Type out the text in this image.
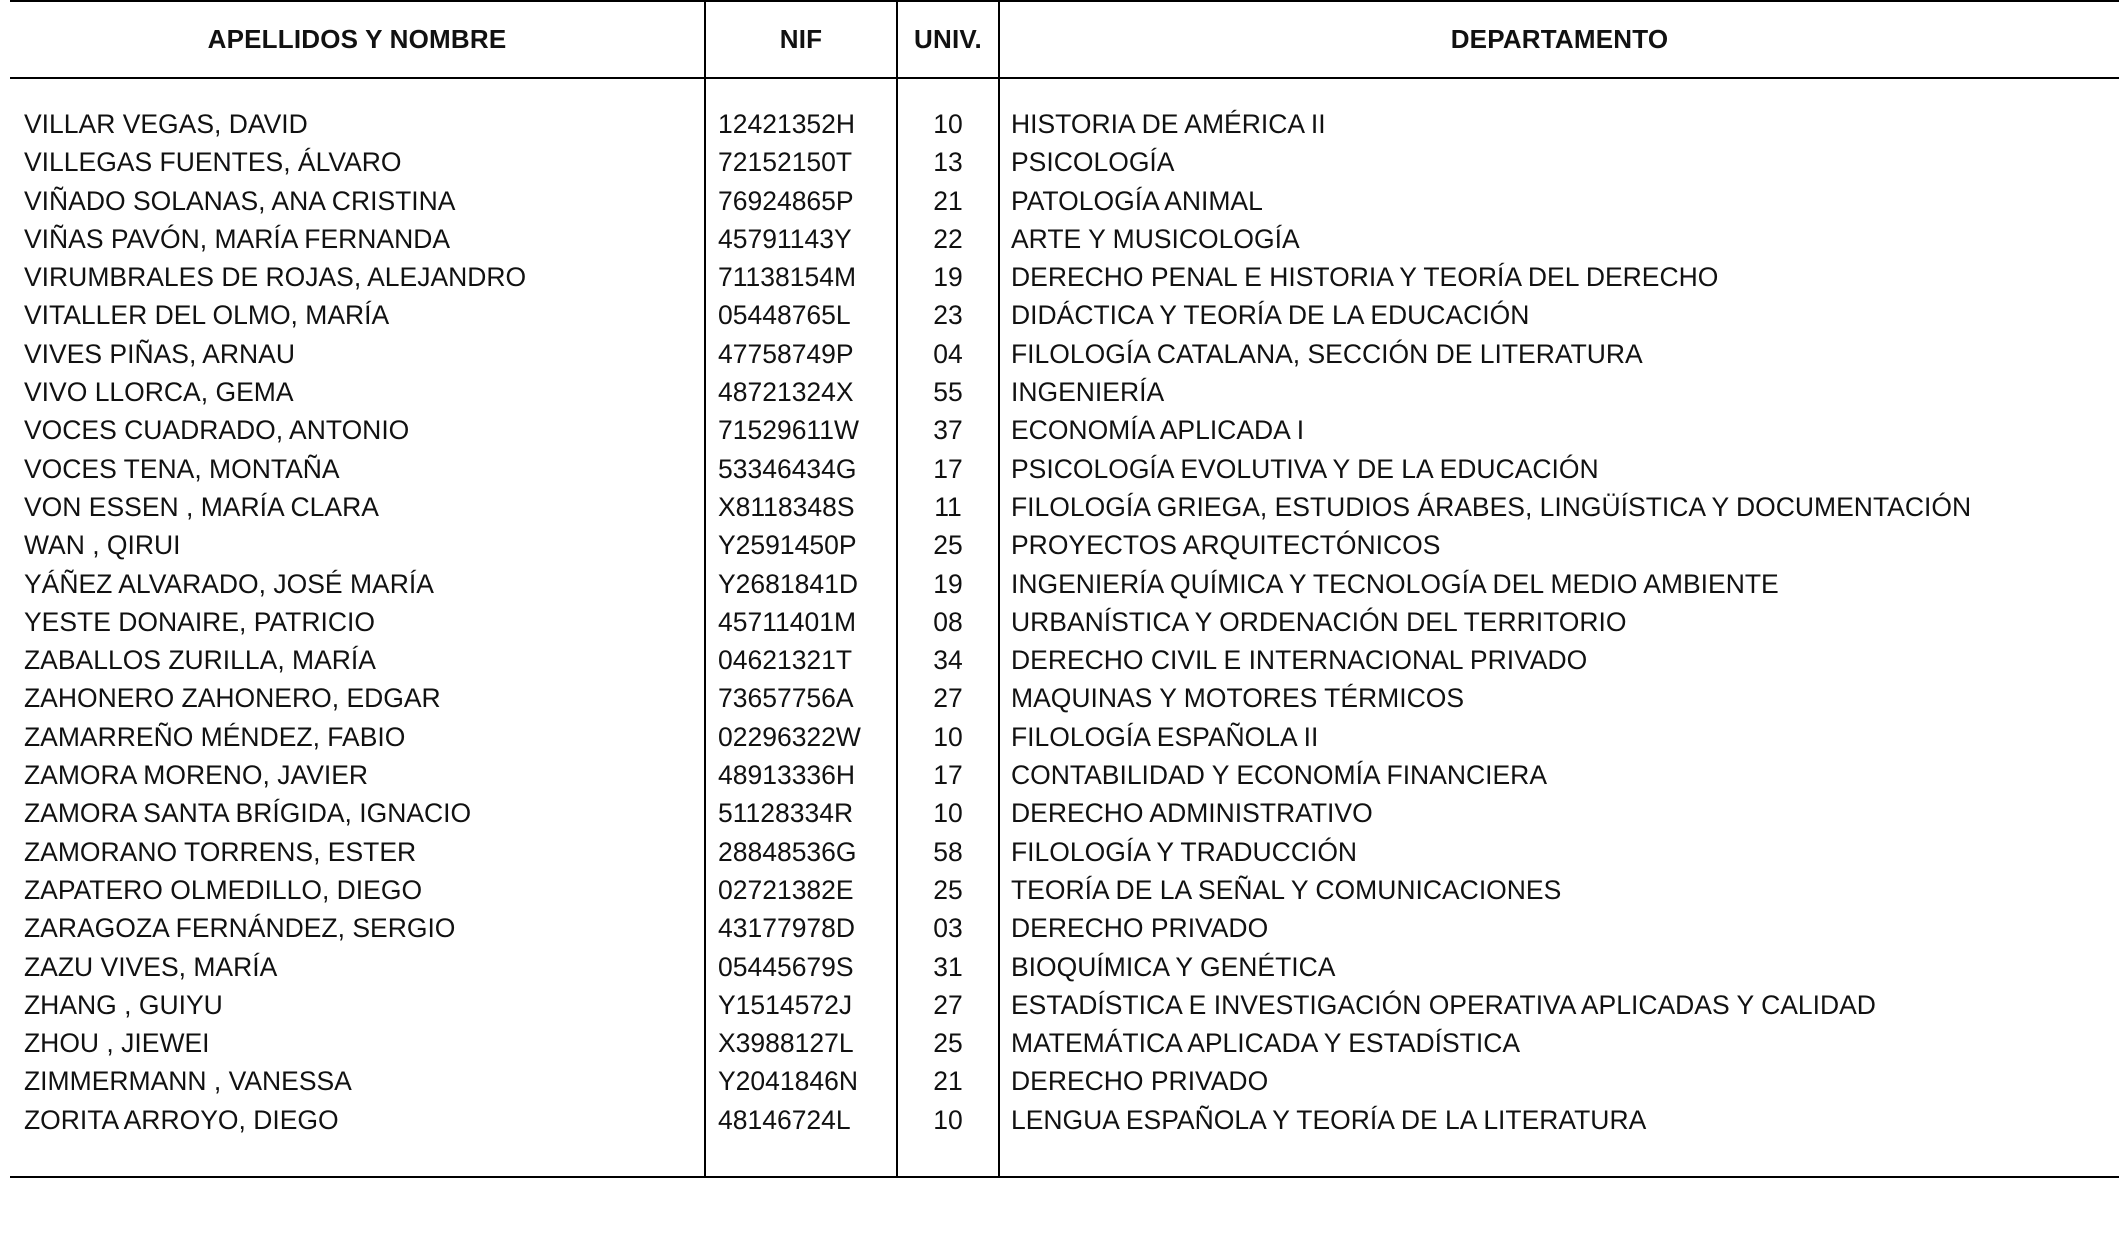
APELLIDOS Y NOMBRE	NIF	UNIV.	DEPARTAMENTO
VILLAR VEGAS, DAVID	12421352H	10	HISTORIA DE AMÉRICA II
VILLEGAS FUENTES, ÁLVARO	72152150T	13	PSICOLOGÍA
VIÑADO SOLANAS, ANA CRISTINA	76924865P	21	PATOLOGÍA ANIMAL
VIÑAS PAVÓN, MARÍA FERNANDA	45791143Y	22	ARTE Y MUSICOLOGÍA
VIRUMBRALES DE ROJAS, ALEJANDRO	71138154M	19	DERECHO PENAL E HISTORIA Y TEORÍA DEL DERECHO
VITALLER DEL OLMO, MARÍA	05448765L	23	DIDÁCTICA Y TEORÍA DE LA EDUCACIÓN
VIVES PIÑAS, ARNAU	47758749P	04	FILOLOGÍA CATALANA, SECCIÓN DE LITERATURA
VIVO LLORCA, GEMA	48721324X	55	INGENIERÍA
VOCES CUADRADO, ANTONIO	71529611W	37	ECONOMÍA APLICADA I
VOCES TENA, MONTAÑA	53346434G	17	PSICOLOGÍA EVOLUTIVA Y DE LA EDUCACIÓN
VON ESSEN , MARÍA CLARA	X8118348S	11	FILOLOGÍA GRIEGA, ESTUDIOS ÁRABES, LINGÜÍSTICA Y DOCUMENTACIÓN
WAN , QIRUI	Y2591450P	25	PROYECTOS ARQUITECTÓNICOS
YÁÑEZ ALVARADO, JOSÉ MARÍA	Y2681841D	19	INGENIERÍA QUÍMICA Y TECNOLOGÍA DEL MEDIO AMBIENTE
YESTE DONAIRE, PATRICIO	45711401M	08	URBANÍSTICA Y ORDENACIÓN DEL TERRITORIO
ZABALLOS ZURILLA, MARÍA	04621321T	34	DERECHO CIVIL E INTERNACIONAL PRIVADO
ZAHONERO ZAHONERO, EDGAR	73657756A	27	MAQUINAS Y MOTORES TÉRMICOS
ZAMARREÑO MÉNDEZ, FABIO	02296322W	10	FILOLOGÍA ESPAÑOLA II
ZAMORA MORENO, JAVIER	48913336H	17	CONTABILIDAD Y ECONOMÍA FINANCIERA
ZAMORA SANTA BRÍGIDA, IGNACIO	51128334R	10	DERECHO ADMINISTRATIVO
ZAMORANO TORRENS, ESTER	28848536G	58	FILOLOGÍA Y TRADUCCIÓN
ZAPATERO OLMEDILLO, DIEGO	02721382E	25	TEORÍA DE LA SEÑAL Y COMUNICACIONES
ZARAGOZA FERNÁNDEZ, SERGIO	43177978D	03	DERECHO PRIVADO
ZAZU VIVES, MARÍA	05445679S	31	BIOQUÍMICA Y GENÉTICA
ZHANG , GUIYU	Y1514572J	27	ESTADÍSTICA E INVESTIGACIÓN OPERATIVA APLICADAS Y CALIDAD
ZHOU , JIEWEI	X3988127L	25	MATEMÁTICA APLICADA Y ESTADÍSTICA
ZIMMERMANN , VANESSA	Y2041846N	21	DERECHO PRIVADO
ZORITA ARROYO, DIEGO	48146724L	10	LENGUA ESPAÑOLA Y TEORÍA DE LA LITERATURA
